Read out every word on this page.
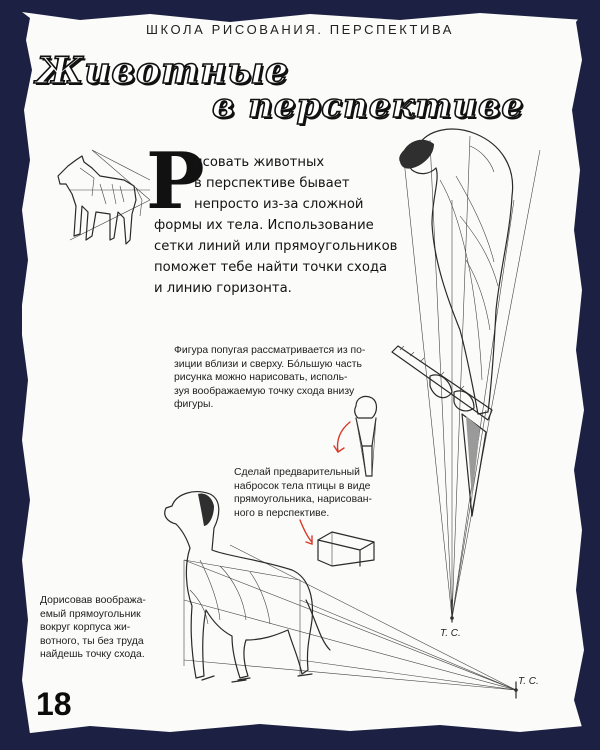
ШКОЛА РИСОВАНИЯ. ПЕРСПЕКТИВА
Животные
в перспективе
Р
исовать животных
в перспективе бывает
непросто из-за сложной
формы их тела. Использование
сетки линий или прямоугольников
поможет тебе найти точки схода
и линию горизонта.
Фигура попугая рассматривается из по-
зиции вблизи и сверху. Бóльшую часть
рисунка можно нарисовать, исполь-
зуя воображаемую точку схода внизу
фигуры.
Сделай предварительный
набросок тела птицы в виде
прямоугольника, нарисован-
ного в перспективе.
Дорисовав вообража-
емый прямоугольник
вокруг корпуса жи-
вотного, ты без труда
найдешь точку схода.
Т. С.
Т. С.
18
